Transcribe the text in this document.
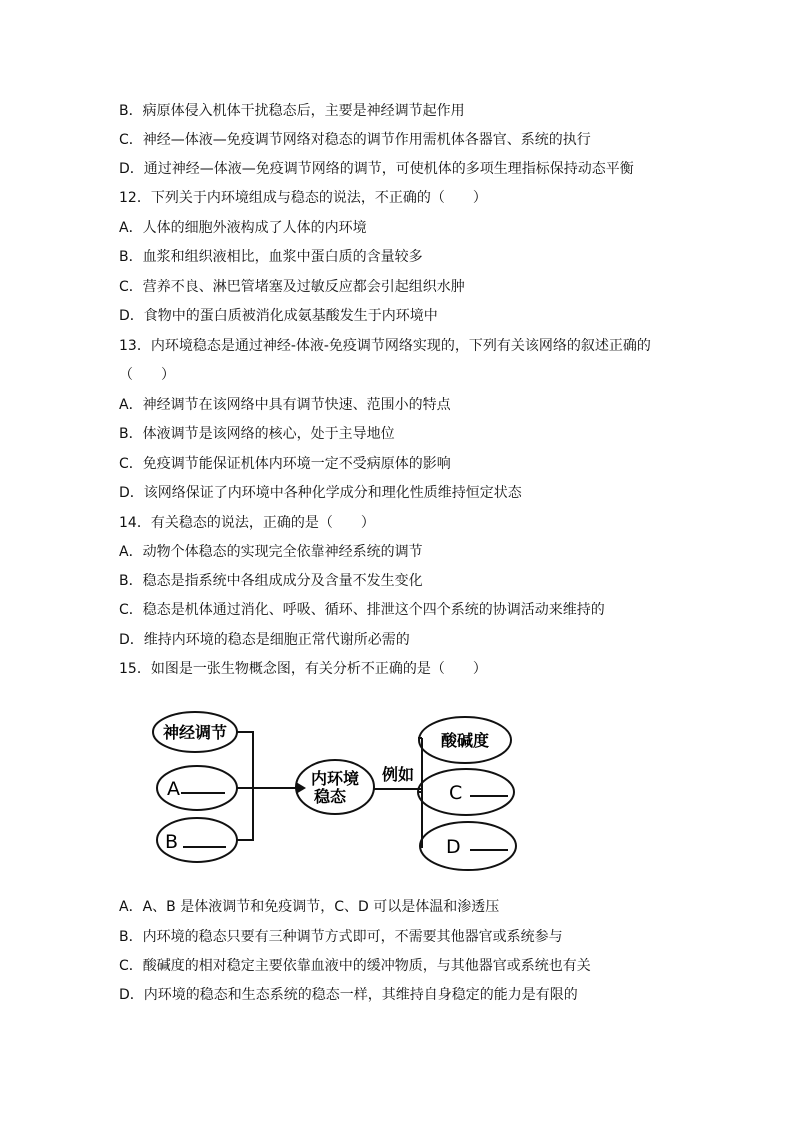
B．病原体侵入机体干扰稳态后，主要是神经调节起作用
C．神经—体液—免疫调节网络对稳态的调节作用需机体各器官、系统的执行
D．通过神经—体液—免疫调节网络的调节，可使机体的多项生理指标保持动态平衡
12．下列关于内环境组成与稳态的说法，不正确的（　　）
A．人体的细胞外液构成了人体的内环境
B．血浆和组织液相比，血浆中蛋白质的含量较多
C．营养不良、淋巴管堵塞及过敏反应都会引起组织水肿
D．食物中的蛋白质被消化成氨基酸发生于内环境中
13．内环境稳态是通过神经-体液-免疫调节网络实现的，下列有关该网络的叙述正确的
（　　）
A．神经调节在该网络中具有调节快速、范围小的特点
B．体液调节是该网络的核心，处于主导地位
C．免疫调节能保证机体内环境一定不受病原体的影响
D．该网络保证了内环境中各种化学成分和理化性质维持恒定状态
14．有关稳态的说法，正确的是（　　）
A．动物个体稳态的实现完全依靠神经系统的调节
B．稳态是指系统中各组成成分及含量不发生变化
C．稳态是机体通过消化、呼吸、循环、排泄这个四个系统的协调活动来维持的
D．维持内环境的稳态是细胞正常代谢所必需的
15．如图是一张生物概念图，有关分析不正确的是（　　）
神经调节
A
B
内环境
稳态
例如
酸碱度
C
D
A．A、B 是体液调节和免疫调节，C、D 可以是体温和渗透压
B．内环境的稳态只要有三种调节方式即可，不需要其他器官或系统参与
C．酸碱度的相对稳定主要依靠血液中的缓冲物质，与其他器官或系统也有关
D．内环境的稳态和生态系统的稳态一样，其维持自身稳定的能力是有限的
